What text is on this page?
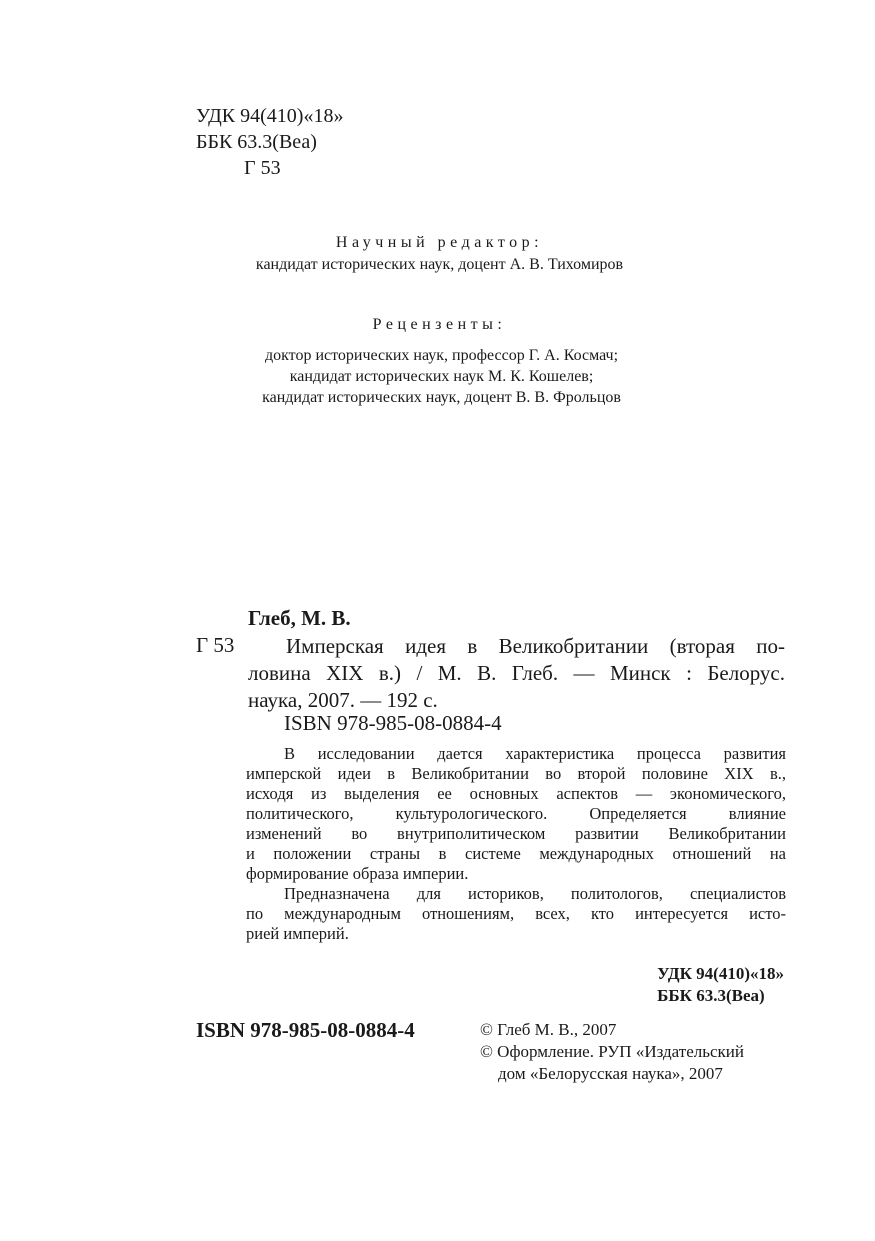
УДК 94(410)«18»
ББК 63.3(Веа)
Г 53
Научный редактор:
кандидат исторических наук, доцент А. В. Тихомиров
Рецензенты:
доктор исторических наук, профессор Г. А. Космач;
кандидат исторических наук М. К. Кошелев;
кандидат исторических наук, доцент В. В. Фрольцов
Глеб, М. В.
Г 53 Имперская идея в Великобритании (вторая по-
ловина XIX в.) / М. В. Глеб. — Минск : Белорус.
наука, 2007. — 192 с.
ISBN 978-985-08-0884-4
В исследовании дается характеристика процесса развития
имперской идеи в Великобритании во второй половине XIX в.,
исходя из выделения ее основных аспектов — экономического,
политического, культурологического. Определяется влияние
изменений во внутриполитическом развитии Великобритании
и положении страны в системе международных отношений на
формирование образа империи.
Предназначена для историков, политологов, специалистов
по международным отношениям, всех, кто интересуется исто-
рией империй.
УДК 94(410)«18»
ББК 63.3(Веа)
ISBN 978-985-08-0884-4	© Глеб М. В., 2007
© Оформление. РУП «Издательский
дом «Белорусская наука», 2007
